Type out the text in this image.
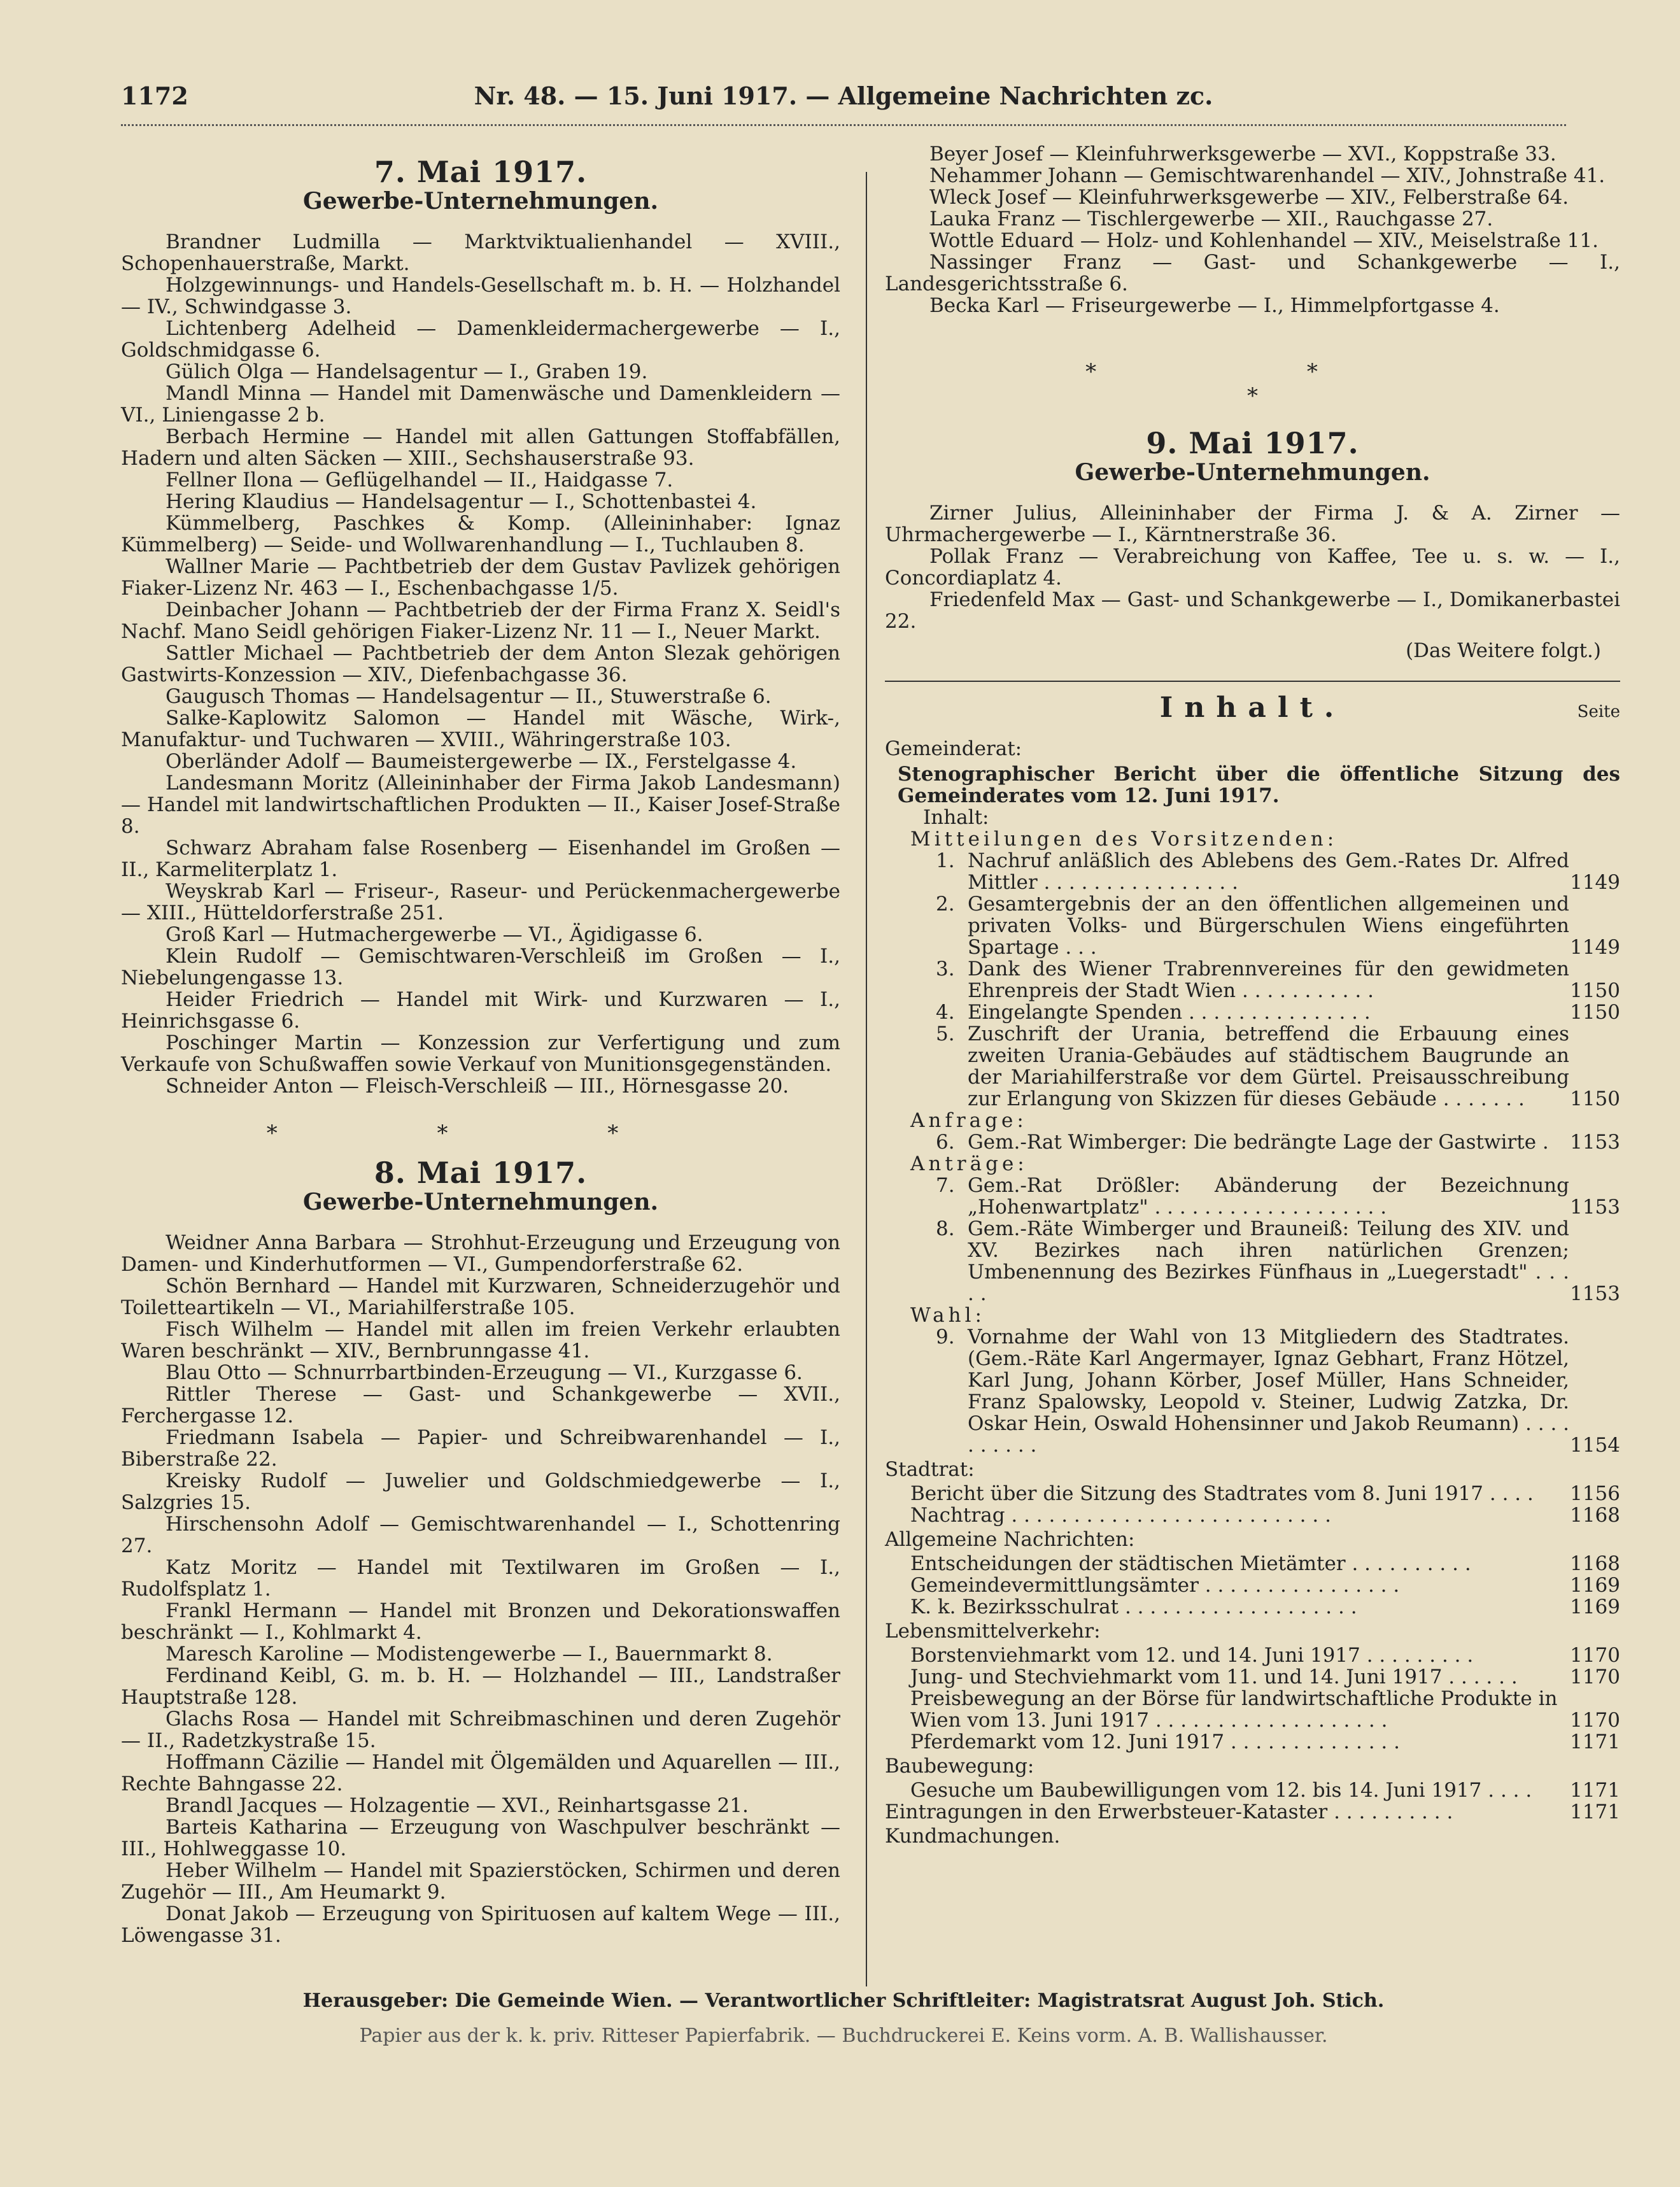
1172	Nr. 48. — 15. Juni 1917. — Allgemeine Nachrichten zc.
7. Mai 1917.
Gewerbe-Unternehmungen.

Brandner Ludmilla — Marktviktualienhandel — XVIII., Schopenhauerstraße, Markt.

Holzgewinnungs- und Handels-Gesellschaft m. b. H. — Holzhandel — IV., Schwindgasse 3.

Lichtenberg Adelheid — Damenkleidermachergewerbe — I., Goldschmidgasse 6.

Gülich Olga — Handelsagentur — I., Graben 19.

Mandl Minna — Handel mit Damenwäsche und Damenkleidern — VI., Liniengasse 2 b.

Berbach Hermine — Handel mit allen Gattungen Stoffabfällen, Hadern und alten Säcken — XIII., Sechshauserstraße 93.

Fellner Ilona — Geflügelhandel — II., Haidgasse 7.

Hering Klaudius — Handelsagentur — I., Schottenbastei 4.

Kümmelberg, Paschkes & Komp. (Alleininhaber: Ignaz Kümmelberg) — Seide- und Wollwarenhandlung — I., Tuchlauben 8.

Wallner Marie — Pachtbetrieb der dem Gustav Pavlizek gehörigen Fiaker-Lizenz Nr. 463 — I., Eschenbachgasse 1/5.

Deinbacher Johann — Pachtbetrieb der der Firma Franz X. Seidl's Nachf. Mano Seidl gehörigen Fiaker-Lizenz Nr. 11 — I., Neuer Markt.

Sattler Michael — Pachtbetrieb der dem Anton Slezak gehörigen Gastwirts-Konzession — XIV., Diefenbachgasse 36.

Gaugusch Thomas — Handelsagentur — II., Stuwerstraße 6.

Salke-Kaplowitz Salomon — Handel mit Wäsche, Wirk-, Manufaktur- und Tuchwaren — XVIII., Währingerstraße 103.

Oberländer Adolf — Baumeistergewerbe — IX., Ferstelgasse 4.

Landesmann Moritz (Alleininhaber der Firma Jakob Landesmann) — Handel mit landwirtschaftlichen Produkten — II., Kaiser Josef-Straße 8.

Schwarz Abraham false Rosenberg — Eisenhandel im Großen — II., Karmeliterplatz 1.

Weyskrab Karl — Friseur-, Raseur- und Perückenmachergewerbe — XIII., Hütteldorferstraße 251.

Groß Karl — Hutmachergewerbe — VI., Ägidigasse 6.

Klein Rudolf — Gemischtwaren-Verschleiß im Großen — I., Niebelungengasse 13.

Heider Friedrich — Handel mit Wirk- und Kurzwaren — I., Heinrichsgasse 6.

Poschinger Martin — Konzession zur Verfertigung und zum Verkaufe von Schußwaffen sowie Verkauf von Munitionsgegenständen.

Schneider Anton — Fleisch-Verschleiß — III., Hörnesgasse 20.

* * *
8. Mai 1917.
Gewerbe-Unternehmungen.

Weidner Anna Barbara — Strohhut-Erzeugung und Erzeugung von Damen- und Kinderhutformen — VI., Gumpendorferstraße 62.

Schön Bernhard — Handel mit Kurzwaren, Schneiderzugehör und Toiletteartikeln — VI., Mariahilferstraße 105.

Fisch Wilhelm — Handel mit allen im freien Verkehr erlaubten Waren beschränkt — XIV., Bernbrunngasse 41.

Blau Otto — Schnurrbartbinden-Erzeugung — VI., Kurzgasse 6.

Rittler Therese — Gast- und Schankgewerbe — XVII., Ferchergasse 12.

Friedmann Isabela — Papier- und Schreibwarenhandel — I., Biberstraße 22.

Kreisky Rudolf — Juwelier und Goldschmiedgewerbe — I., Salzgries 15.

Hirschensohn Adolf — Gemischtwarenhandel — I., Schottenring 27.

Katz Moritz — Handel mit Textilwaren im Großen — I., Rudolfsplatz 1.

Frankl Hermann — Handel mit Bronzen und Dekorationswaffen beschränkt — I., Kohlmarkt 4.

Maresch Karoline — Modistengewerbe — I., Bauernmarkt 8.

Ferdinand Keibl, G. m. b. H. — Holzhandel — III., Landstraßer Hauptstraße 128.

Glachs Rosa — Handel mit Schreibmaschinen und deren Zugehör — II., Radetzkystraße 15.

Hoffmann Cäzilie — Handel mit Ölgemälden und Aquarellen — III., Rechte Bahngasse 22.

Brandl Jacques — Holzagentie — XVI., Reinhartsgasse 21.

Barteis Katharina — Erzeugung von Waschpulver beschränkt — III., Hohlweggasse 10.

Heber Wilhelm — Handel mit Spazierstöcken, Schirmen und deren Zugehör — III., Am Heumarkt 9.

Donat Jakob — Erzeugung von Spirituosen auf kaltem Wege — III., Löwengasse 31.

Beyer Josef — Kleinfuhrwerksgewerbe — XVI., Koppstraße 33.

Nehammer Johann — Gemischtwarenhandel — XIV., Johnstraße 41.

Wleck Josef — Kleinfuhrwerksgewerbe — XIV., Felberstraße 64.

Lauka Franz — Tischlergewerbe — XII., Rauchgasse 27.

Wottle Eduard — Holz- und Kohlenhandel — XIV., Meiselstraße 11.

Nassinger Franz — Gast- und Schankgewerbe — I., Landesgerichtsstraße 6.

Becka Karl — Friseurgewerbe — I., Himmelpfortgasse 4.

* *
*
9. Mai 1917.
Gewerbe-Unternehmungen.

Zirner Julius, Alleininhaber der Firma J. & A. Zirner — Uhrmachergewerbe — I., Kärntnerstraße 36.

Pollak Franz — Verabreichung von Kaffee, Tee u. s. w. — I., Concordiaplatz 4.

Friedenfeld Max — Gast- und Schankgewerbe — I., Domikanerbastei 22.

(Das Weitere folgt.)
Inhalt.	Seite
Gemeinderat:
Stenographischer Bericht über die öffentliche Sitzung des Gemeinderates vom 12. Juni 1917.
Inhalt:
Mitteilungen des Vorsitzenden:
1. Nachruf anläßlich des Ablebens des Gem.-Rates Dr. Alfred Mittler . . . . . . . . . . . . . . . .	1149
2. Gesamtergebnis der an den öffentlichen allgemeinen und privaten Volks- und Bürgerschulen Wiens eingeführten Spartage . . .	1149
3. Dank des Wiener Trabrennvereines für den gewidmeten Ehrenpreis der Stadt Wien . . . . . . . . . . .	1150
4. Eingelangte Spenden . . . . . . . . . . . . . . .	1150
5. Zuschrift der Urania, betreffend die Erbauung eines zweiten Urania-Gebäudes auf städtischem Baugrunde an der Mariahilferstraße vor dem Gürtel. Preisausschreibung zur Erlangung von Skizzen für dieses Gebäude . . . . . . .	1150
Anfrage:
6. Gem.-Rat Wimberger: Die bedrängte Lage der Gastwirte .	1153
Anträge:
7. Gem.-Rat Drößler: Abänderung der Bezeichnung „Hohenwartplatz" . . . . . . . . . . . . . . . . . . .	1153
8. Gem.-Räte Wimberger und Brauneiß: Teilung des XIV. und XV. Bezirkes nach ihren natürlichen Grenzen; Umbenennung des Bezirkes Fünfhaus in „Luegerstadt" . . . . .	1153
Wahl:
9. Vornahme der Wahl von 13 Mitgliedern des Stadtrates. (Gem.-Räte Karl Angermayer, Ignaz Gebhart, Franz Hötzel, Karl Jung, Johann Körber, Josef Müller, Hans Schneider, Franz Spalowsky, Leopold v. Steiner, Ludwig Zatzka, Dr. Oskar Hein, Oswald Hohensinner und Jakob Reumann) . . . . . . . . . .	1154
Stadtrat:
Bericht über die Sitzung des Stadtrates vom 8. Juni 1917 . . . .	1156
Nachtrag . . . . . . . . . . . . . . . . . . . . . . . . . .	1168
Allgemeine Nachrichten:
Entscheidungen der städtischen Mietämter . . . . . . . . . .	1168
Gemeindevermittlungsämter . . . . . . . . . . . . . . . .	1169
K. k. Bezirksschulrat . . . . . . . . . . . . . . . . . . .	1169
Lebensmittelverkehr:
Borstenviehmarkt vom 12. und 14. Juni 1917 . . . . . . . . .	1170
Jung- und Stechviehmarkt vom 11. und 14. Juni 1917 . . . . . .	1170
Preisbewegung an der Börse für landwirtschaftliche Produkte in Wien vom 13. Juni 1917 . . . . . . . . . . . . . . . . . . .	1170
Pferdemarkt vom 12. Juni 1917 . . . . . . . . . . . . . .	1171
Baubewegung:
Gesuche um Baubewilligungen vom 12. bis 14. Juni 1917 . . . .	1171
Eintragungen in den Erwerbsteuer-Kataster . . . . . . . . . .	1171
Kundmachungen.
Herausgeber: Die Gemeinde Wien. — Verantwortlicher Schriftleiter: Magistratsrat August Joh. Stich.
Papier aus der k. k. priv. Ritteser Papierfabrik. — Buchdruckerei E. Keins vorm. A. B. Wallishausser.
